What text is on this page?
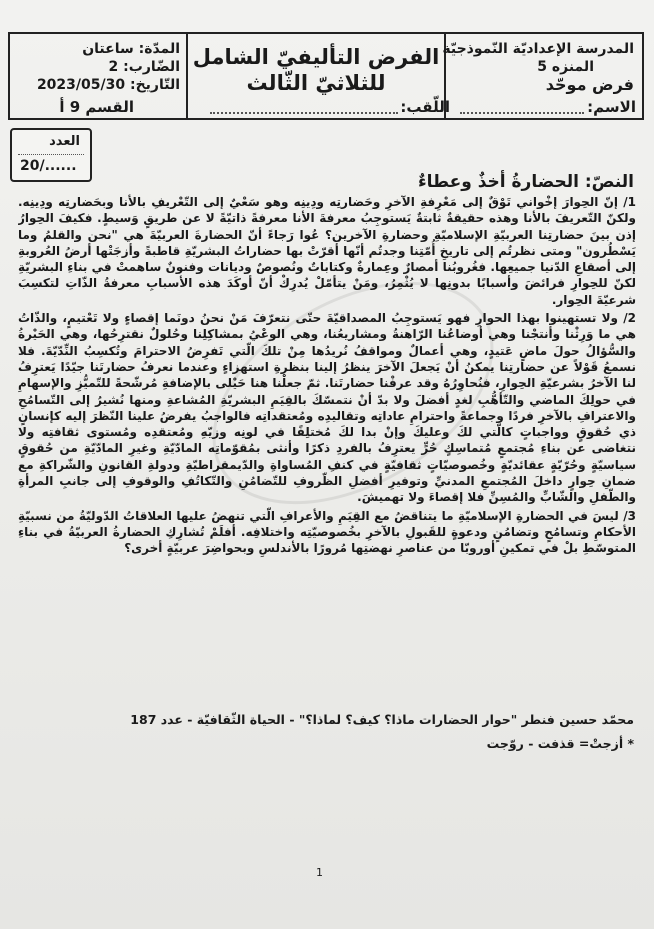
المدرسة الإعداديّة النّموذجيّة
المنزه 5
فرض موحّد
الفرض التأليفيّ الشامل
للثلاثيّ الثّالث
المدّة: ساعتان
الضّارب: 2
التّاريخ: 2023/05/30
الاسم:
اللّقب:
القسم 9 أ
العدد
20/......
النصّ: الحضارةُ أخذٌ وعطاءٌ

1/ إنّ الحِوارَ إخْواني تَوْقٌ إلى مَعْرِفةِ الآخرِ وحَضارتِه ودِينِه وهو سَعْيٌ إلى التّعْريفِ بالأنا وبحَضارتِه ودِينِه. ولكنّ التّعريفَ بالأنا وهذه حقيقةٌ ثابتةٌ يَستوجِبُ معرفةَ الأنا معرفةً ذاتيّةً لا عن طريقٍ وَسيطٍ. فكيفَ الحِوارُ إذن بينَ حضارتِنا العربيّةِ الإسلاميّةِ وحضارةِ الآخرين؟ عُوا رَجاءً أنّ الحضارةَ العربيّةَ هي "نحن والقلمُ وما يَسْطُرون" ومتى نظرتُم إلى تاريخِ أُمّتِنا وجدتُم أنّها أقرّتْ بها حضاراتُ البشريّةِ قاطبةً وأزجَتْها أرضُ العُروبةِ إلى أصقاعِ الدّنيا جميعِها. فغُروبُنا أمصارٌ وعِمارةٌ وكتاباتٌ ونُصوصٌ وديانات وفنونٌ ساهمتْ في بناءِ البشريّةِ لكنّ للحِوارِ فرائضَ وأسبابًا بدونِها لا يُثْمِرُ، ومَنْ يتأمّلْ يُدرِكْ أنّ أوكَدَ هذه الأسبابِ معرفةُ الذّاتِ لتكسِبَ شرعيّةَ الحِوار.

2/ ولا تستهينوا بهذا الحوارِ فهو يَستوجِبُ المصداقيّةَ حتّى نتعرّفَ مَنْ نحنُ دونَما إقصاءٍ ولا تَعْتيمٍ، والذّاتُ هي ما وَرِثْنا وأنتجْنا وهي أوضاعُنا الرّاهنةُ ومشاريعُنا، وهي الوعْيُ بمشاكِلِنا وحُلولٌ نقترِحُها، وهي الحَيْرةُ والسُّؤالُ حولَ ماضٍ عَتيدٍ، وهي أعمالٌ ومواقفُ نُريدُها مِنْ تلكَ الّتي تَفرِضُ الاحترامَ وتُكسِبُ النِّدّيّةَ. فلا نسمعُ قَوْلاً عن حضارتِنا يمكنُ أنْ يَجعلَ الآخرَ ينظرُ إلينا بنظرةِ استهزاءٍ وعندما نعرفُ حضارتَنا جيّدًا يَعترِفُ لنا الآخرُ بشرعيّةِ الحِوارِ، فنُحاوِرُهُ وقد عرفْنا حضارتَنا. ثمّ جعلْنا هنا حَيْلى بالإضافةِ مُرشّحةً للتّميُّزِ والإسهامِ في حولِكَ الماضي والتّأهُّبِ لغدٍ أفضلَ ولا بدّ أنْ نتمسّكَ بالقِيَمِ البشريّةِ المُشاعةِ ومنها نُشيرُ إلى التّسامُحِ والاعترافِ بالآخرِ فردًا وجماعةً واحترامِ عاداتِه وتقاليدِه ومُعتقداتِه فالواجبُ يفرضُ علينا النّظرَ إليه كإنسانٍ ذي حُقوقٍ وواجباتٍ كالّتي لكَ وعليكَ وإنْ بدا لكَ مُختلِفًا في لونِه وزيّهِ ومُعتقدِه ومُستوى ثقافتِه ولا نتغاضى عن بناءِ مُجتمعٍ مُتماسِكٍ حُرٍّ يعترِفُ بالفردِ ذكرًا وأنثى بمُقوّماتِه المادّيّةِ وغيرِ المادّيّةِ من حُقوقٍ سياسيّةٍ وحُرّيّةٍ عقائديّةٍ وخُصوصيّاتٍ ثقافيّةٍ في كنفِ المُساواةِ والدّيمقراطيّةِ ودولةِ القانونِ والشّراكةِ مع ضمانِ حِوارٍ داخلَ المُجتمعِ المدنيِّ وتوفيرِ أفضلِ الظّروفِ للتّضامُنِ والتّكاتُفِ والوقوفِ إلى جانبِ المرأةِ والطّفلِ والشّابِّ والمُسِنِّ فلا إقصاءَ ولا تهميشَ.

3/ ليسَ في الحضارةِ الإسلاميّةِ ما يتناقضُ مع القِيَمِ والأعرافِ الّتي تنهضُ عليها العلاقاتُ الدّوليّةُ من نسبيّةِ الأحكامِ وتسامُحٍ وتضامُنٍ ودعوةٍ للقَبولِ بالآخرِ بخُصوصيّتِه واختلافِه. أفلَمْ تُشارِكِ الحضارةُ العربيّةُ في بناءِ المتوسّطِ بلْ في تمكينِ أوروبّا من عناصرِ نهضتِها مُرورًا بالأندلسِ وبحواضِرَ عربيّةٍ أخرى؟

محمّد حسين فنطر "حوار الحضارات ماذا؟ كيف؟ لماذا؟" - الحياة الثّقافيّة - عدد 187
* أزجتْ= قذفت - روّجت
1
